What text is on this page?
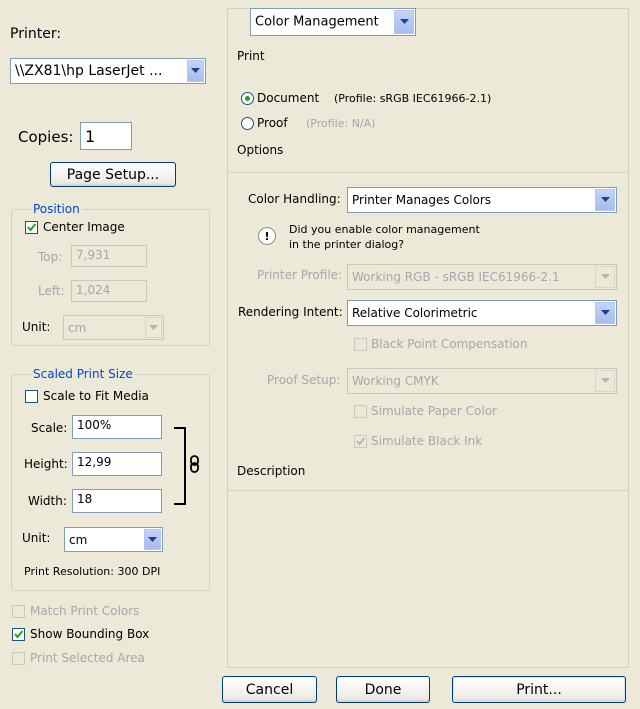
Printer:
\\ZX81\hp LaserJet ...
Copies: 1
Page Setup...
Position
Center Image
Top:	7,931
Left: 1,024
Unit: cm
Scaled Print Size
Scale to Fit Media
Scale: 100%
Height: 12,99
Width: 18
Unit: cm
Print Resolution: 300 DPI
Match Print Colors
Show Bounding Box
Print Selected Area
Color Management
Print
Document (Profile: sRGB IEC61966-2.1)
Proof (Profile: N/A)
Options
Color Handling: Printer Manages Colors
!	Did you enable color management
in the printer dialog?
Printer Profile: Working RGB - sRGB IEC61966-2.1
Rendering Intent: Relative Colorimetric
Black Point Compensation
Proof Setup: Working CMYK
Simulate Paper Color
Simulate Black Ink
Description
Cancel	Done	Print...
